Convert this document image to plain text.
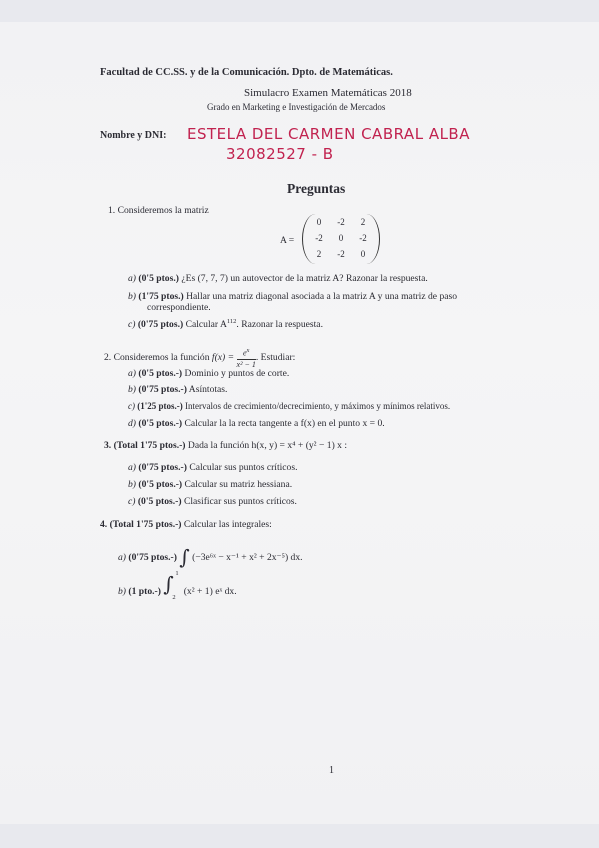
Facultad de CC.SS. y de la Comunicación. Dpto. de Matemáticas.
Simulacro Examen Matemáticas 2018
Grado en Marketing e Investigación de Mercados
Nombre y DNI: ESTELA DEL CARMEN CABRAL ALBA
32082527 - B
Preguntas
1. Consideremos la matriz
A =
0	-2	2
-2	0	-2
2	-2	0
a) (0'5 ptos.) ¿Es (7, 7, 7) un autovector de la matriz A? Razonar la respuesta.
b) (1'75 ptos.) Hallar una matriz diagonal asociada a la matriz A y una matriz de paso
correspondiente.
c) (0'75 ptos.) Calcular $A^{112}$. Razonar la respuesta.
2. Consideremos la función $f(x) = \frac{e^x}{\text{x² − 1}}$ . Estudiar:
a) (0'5 ptos.-) Dominio y puntos de corte.
b) (0'75 ptos.-) Asíntotas.
c) (1'25 ptos.-) Intervalos de crecimiento/decrecimiento, y máximos y mínimos relativos.
d) (0'5 ptos.-) Calcular la la recta tangente a f(x) en el punto x = 0.
3. (Total 1'75 ptos.-) Dada la función h(x, y) = x⁴ + (y² − 1) x :
a) (0'75 ptos.-) Calcular sus puntos críticos.
b) (0'5 ptos.-) Calcular su matriz hessiana.
c) (0'5 ptos.-) Clasificar sus puntos críticos.
4. (Total 1'75 ptos.-) Calcular las integrales:
a) (0'75 ptos.-) ∫ (−3e⁶ˣ − x⁻¹ + x² + 2x⁻⁵) dx.
b) (1 pto.-) ∫ 1
2
(x² + 1) eˣ dx.
1
